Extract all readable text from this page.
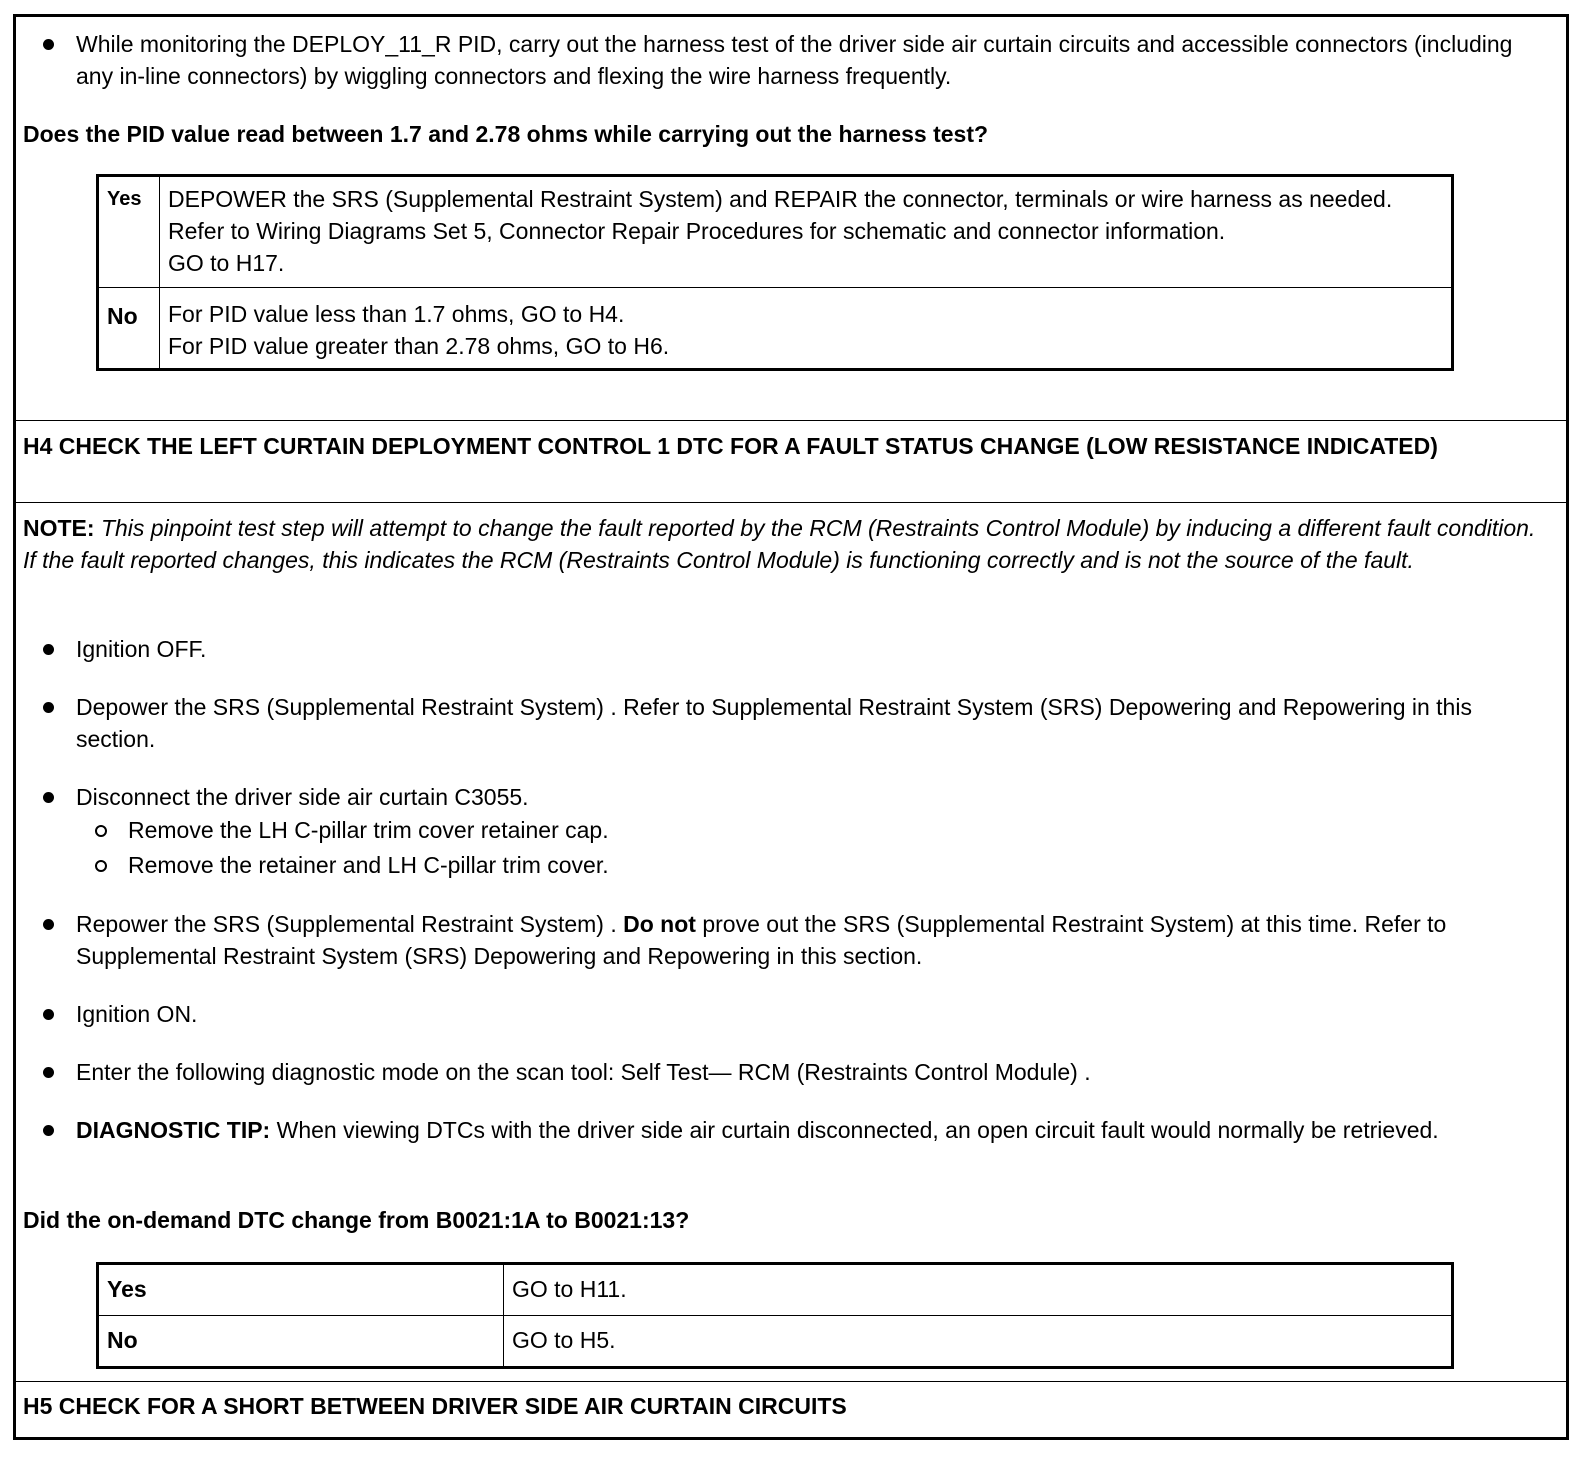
While monitoring the DEPLOY_11_R PID, carry out the harness test of the driver side air curtain circuits and accessible connectors (including any in-line connectors) by wiggling connectors and flexing the wire harness frequently.
Does the PID value read between 1.7 and 2.78 ohms while carrying out the harness test?
Yes	DEPOWER the SRS (Supplemental Restraint System) and REPAIR the connector, terminals or wire harness as needed.
Refer to Wiring Diagrams Set 5, Connector Repair Procedures for schematic and connector information.
GO to H17.

No	For PID value less than 1.7 ohms, GO to H4.
For PID value greater than 2.78 ohms, GO to H6.
H4 CHECK THE LEFT CURTAIN DEPLOYMENT CONTROL 1 DTC FOR A FAULT STATUS CHANGE (LOW RESISTANCE INDICATED)
NOTE: This pinpoint test step will attempt to change the fault reported by the RCM (Restraints Control Module) by inducing a different fault condition. If the fault reported changes, this indicates the RCM (Restraints Control Module) is functioning correctly and is not the source of the fault.
Ignition OFF.
Depower the SRS (Supplemental Restraint System) . Refer to Supplemental Restraint System (SRS) Depowering and Repowering in this section.
Disconnect the driver side air curtain C3055.
Remove the LH C-pillar trim cover retainer cap.
Remove the retainer and LH C-pillar trim cover.
Repower the SRS (Supplemental Restraint System) . Do not prove out the SRS (Supplemental Restraint System) at this time. Refer to Supplemental Restraint System (SRS) Depowering and Repowering in this section.
Ignition ON.
Enter the following diagnostic mode on the scan tool: Self Test— RCM (Restraints Control Module) .
DIAGNOSTIC TIP: When viewing DTCs with the driver side air curtain disconnected, an open circuit fault would normally be retrieved.
Did the on-demand DTC change from B0021:1A to B0021:13?
Yes	GO to H11.
No	GO to H5.
H5 CHECK FOR A SHORT BETWEEN DRIVER SIDE AIR CURTAIN CIRCUITS
